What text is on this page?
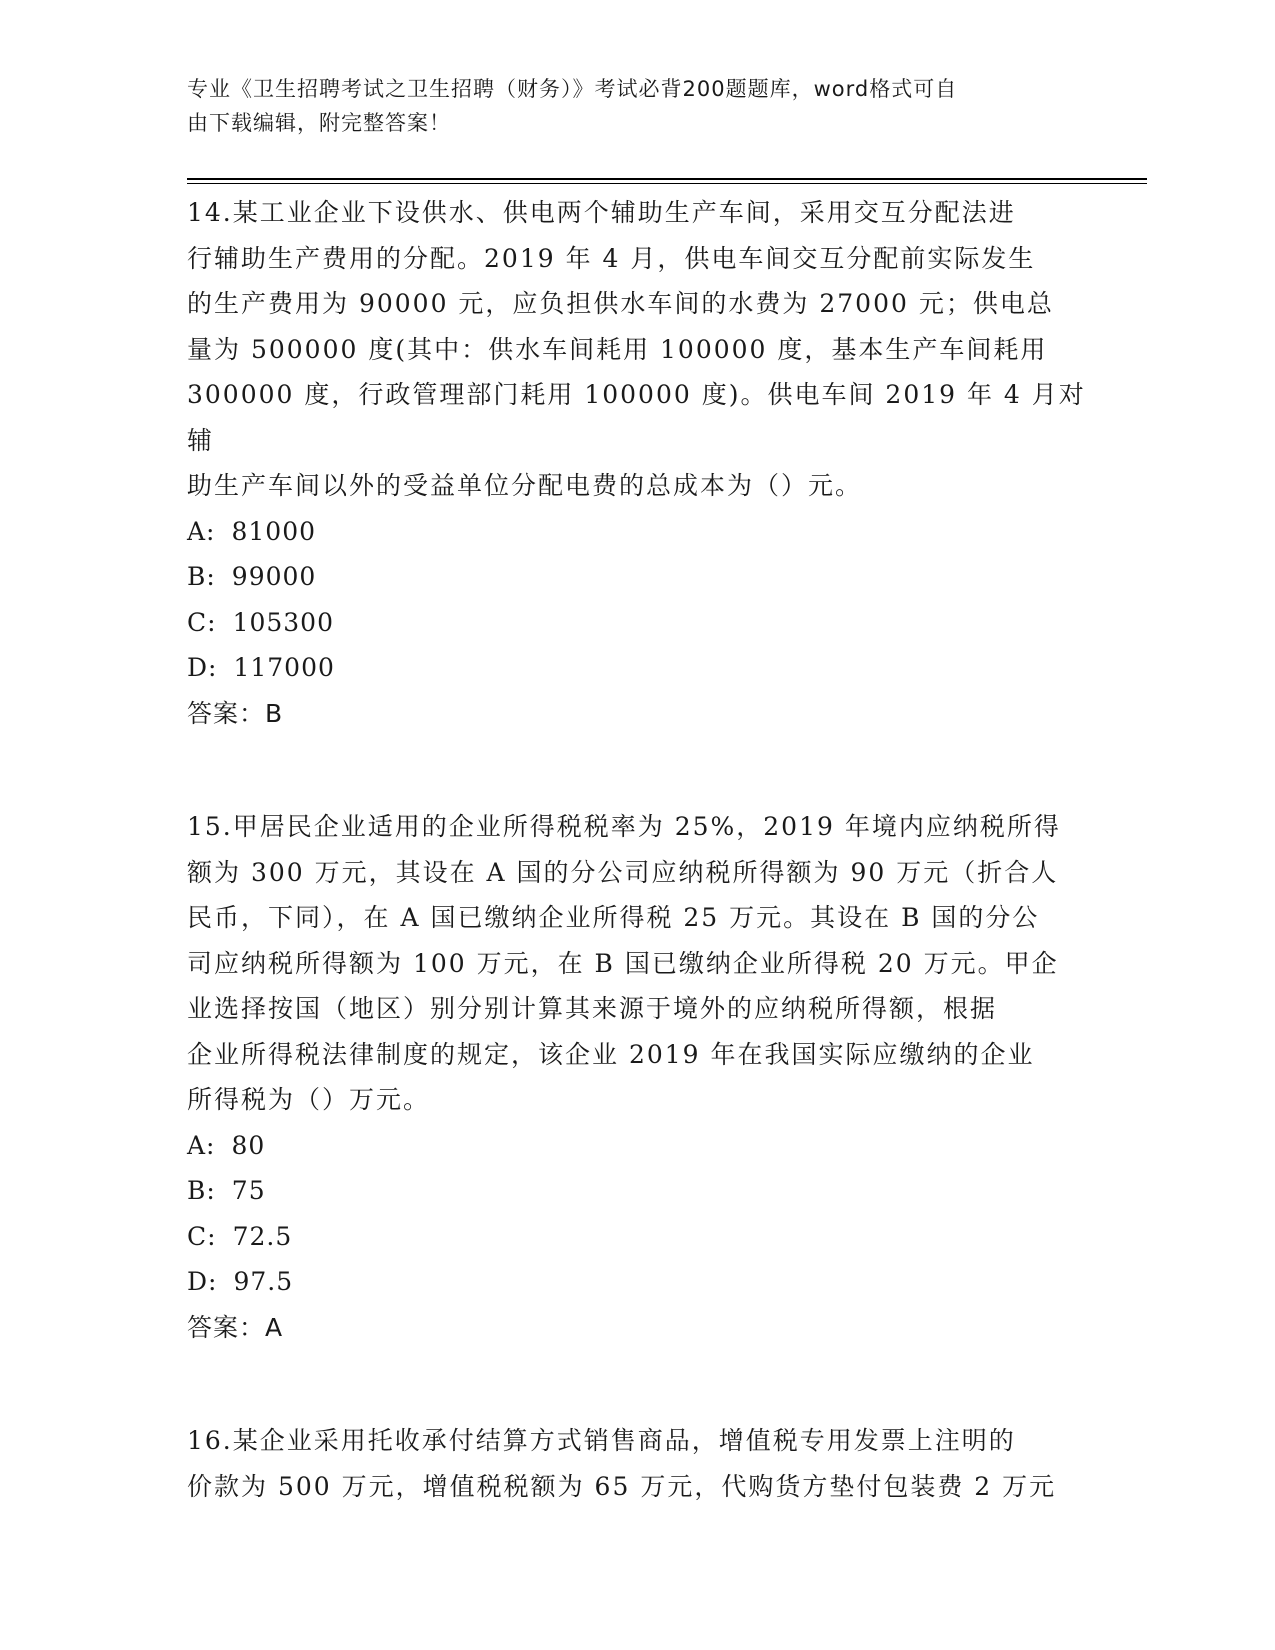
专业《卫生招聘考试之卫生招聘（财务）》考试必背200题题库，word格式可自
由下载编辑，附完整答案！
14.某工业企业下设供水、供电两个辅助生产车间，采用交互分配法进
行辅助生产费用的分配。2019 年 4 月，供电车间交互分配前实际发生
的生产费用为 90000 元，应负担供水车间的水费为 27000 元；供电总
量为 500000 度(其中：供水车间耗用 100000 度，基本生产车间耗用
300000 度，行政管理部门耗用 100000 度)。供电车间 2019 年 4 月对辅
助生产车间以外的受益单位分配电费的总成本为（）元。
A: 81000
B: 99000
C: 105300
D: 117000
答案：B
15.甲居民企业适用的企业所得税税率为 25%，2019 年境内应纳税所得
额为 300 万元，其设在 A 国的分公司应纳税所得额为 90 万元（折合人
民币，下同），在 A 国已缴纳企业所得税 25 万元。其设在 B 国的分公
司应纳税所得额为 100 万元，在 B 国已缴纳企业所得税 20 万元。甲企
业选择按国（地区）别分别计算其来源于境外的应纳税所得额，根据
企业所得税法律制度的规定，该企业 2019 年在我国实际应缴纳的企业
所得税为（）万元。
A: 80
B: 75
C: 72.5
D: 97.5
答案：A
16.某企业采用托收承付结算方式销售商品，增值税专用发票上注明的
价款为 500 万元，增值税税额为 65 万元，代购货方垫付包装费 2 万元
